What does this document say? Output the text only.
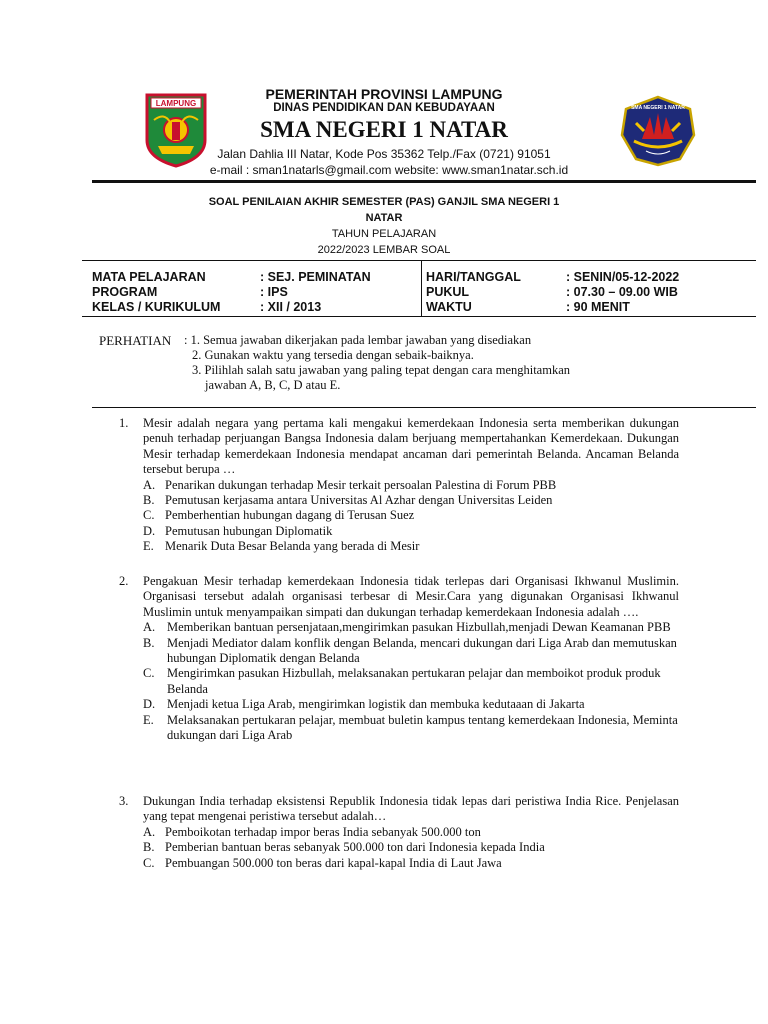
LAMPUNG	SMA NEGERI 1 NATAR
PEMERINTAH PROVINSI LAMPUNG
DINAS PENDIDIKAN DAN KEBUDAYAAN
SMA NEGERI 1 NATAR
Jalan Dahlia III Natar, Kode Pos 35362 Telp./Fax (0721) 91051
e-mail : sman1natarls@gmail.com website: www.sman1natar.sch.id
SOAL PENILAIAN AKHIR SEMESTER (PAS) GANJIL SMA NEGERI 1
NATAR
TAHUN PELAJARAN
2022/2023 LEMBAR SOAL
MATA PELAJARAN	: SEJ. PEMINATAN	HARI/TANGGAL	: SENIN/05-12-2022
PROGRAM	: IPS	PUKUL	: 07.30 – 09.00 WIB
KELAS / KURIKULUM	: XII / 2013	WAKTU	: 90 MENIT
PERHATIAN : 1. Semua jawaban dikerjakan pada lembar jawaban yang disediakan
2. Gunakan waktu yang tersedia dengan sebaik-baiknya.
3. Pilihlah salah satu jawaban yang paling tepat dengan cara menghitamkan
jawaban A, B, C, D atau E.
1. Mesir adalah negara yang pertama kali mengakui kemerdekaan Indonesia serta memberikan dukungan penuh terhadap perjuangan Bangsa Indonesia dalam berjuang mempertahankan Kemerdekaan. Dukungan Mesir terhadap kemerdekaan Indonesia mendapat ancaman dari pemerintah Belanda. Ancaman Belanda tersebut berupa …
A. Penarikan dukungan terhadap Mesir terkait persoalan Palestina di Forum PBB
B. Pemutusan kerjasama antara Universitas Al Azhar dengan Universitas Leiden
C. Pemberhentian hubungan dagang di Terusan Suez
D. Pemutusan hubungan Diplomatik
E. Menarik Duta Besar Belanda yang berada di Mesir
2. Pengakuan Mesir terhadap kemerdekaan Indonesia tidak terlepas dari Organisasi Ikhwanul Muslimin. Organisasi tersebut adalah organisasi terbesar di Mesir.Cara yang digunakan Organisasi Ikhwanul Muslimin untuk menyampaikan simpati dan dukungan terhadap kemerdekaan Indonesia adalah ….
A. Memberikan bantuan persenjataan,mengirimkan pasukan Hizbullah,menjadi Dewan Keamanan PBB
B. Menjadi Mediator dalam konflik dengan Belanda, mencari dukungan dari Liga Arab dan memutuskan hubungan Diplomatik dengan Belanda
C. Mengirimkan pasukan Hizbullah, melaksanakan pertukaran pelajar dan memboikot produk produk Belanda
D. Menjadi ketua Liga Arab, mengirimkan logistik dan membuka kedutaaan di Jakarta
E. Melaksanakan pertukaran pelajar, membuat buletin kampus tentang kemerdekaan Indonesia, Meminta dukungan dari Liga Arab
3. Dukungan India terhadap eksistensi Republik Indonesia tidak lepas dari peristiwa India Rice. Penjelasan yang tepat mengenai peristiwa tersebut adalah…
A. Pemboikotan terhadap impor beras India sebanyak 500.000 ton
B. Pemberian bantuan beras sebanyak 500.000 ton dari Indonesia kepada India
C. Pembuangan 500.000 ton beras dari kapal-kapal India di Laut Jawa
